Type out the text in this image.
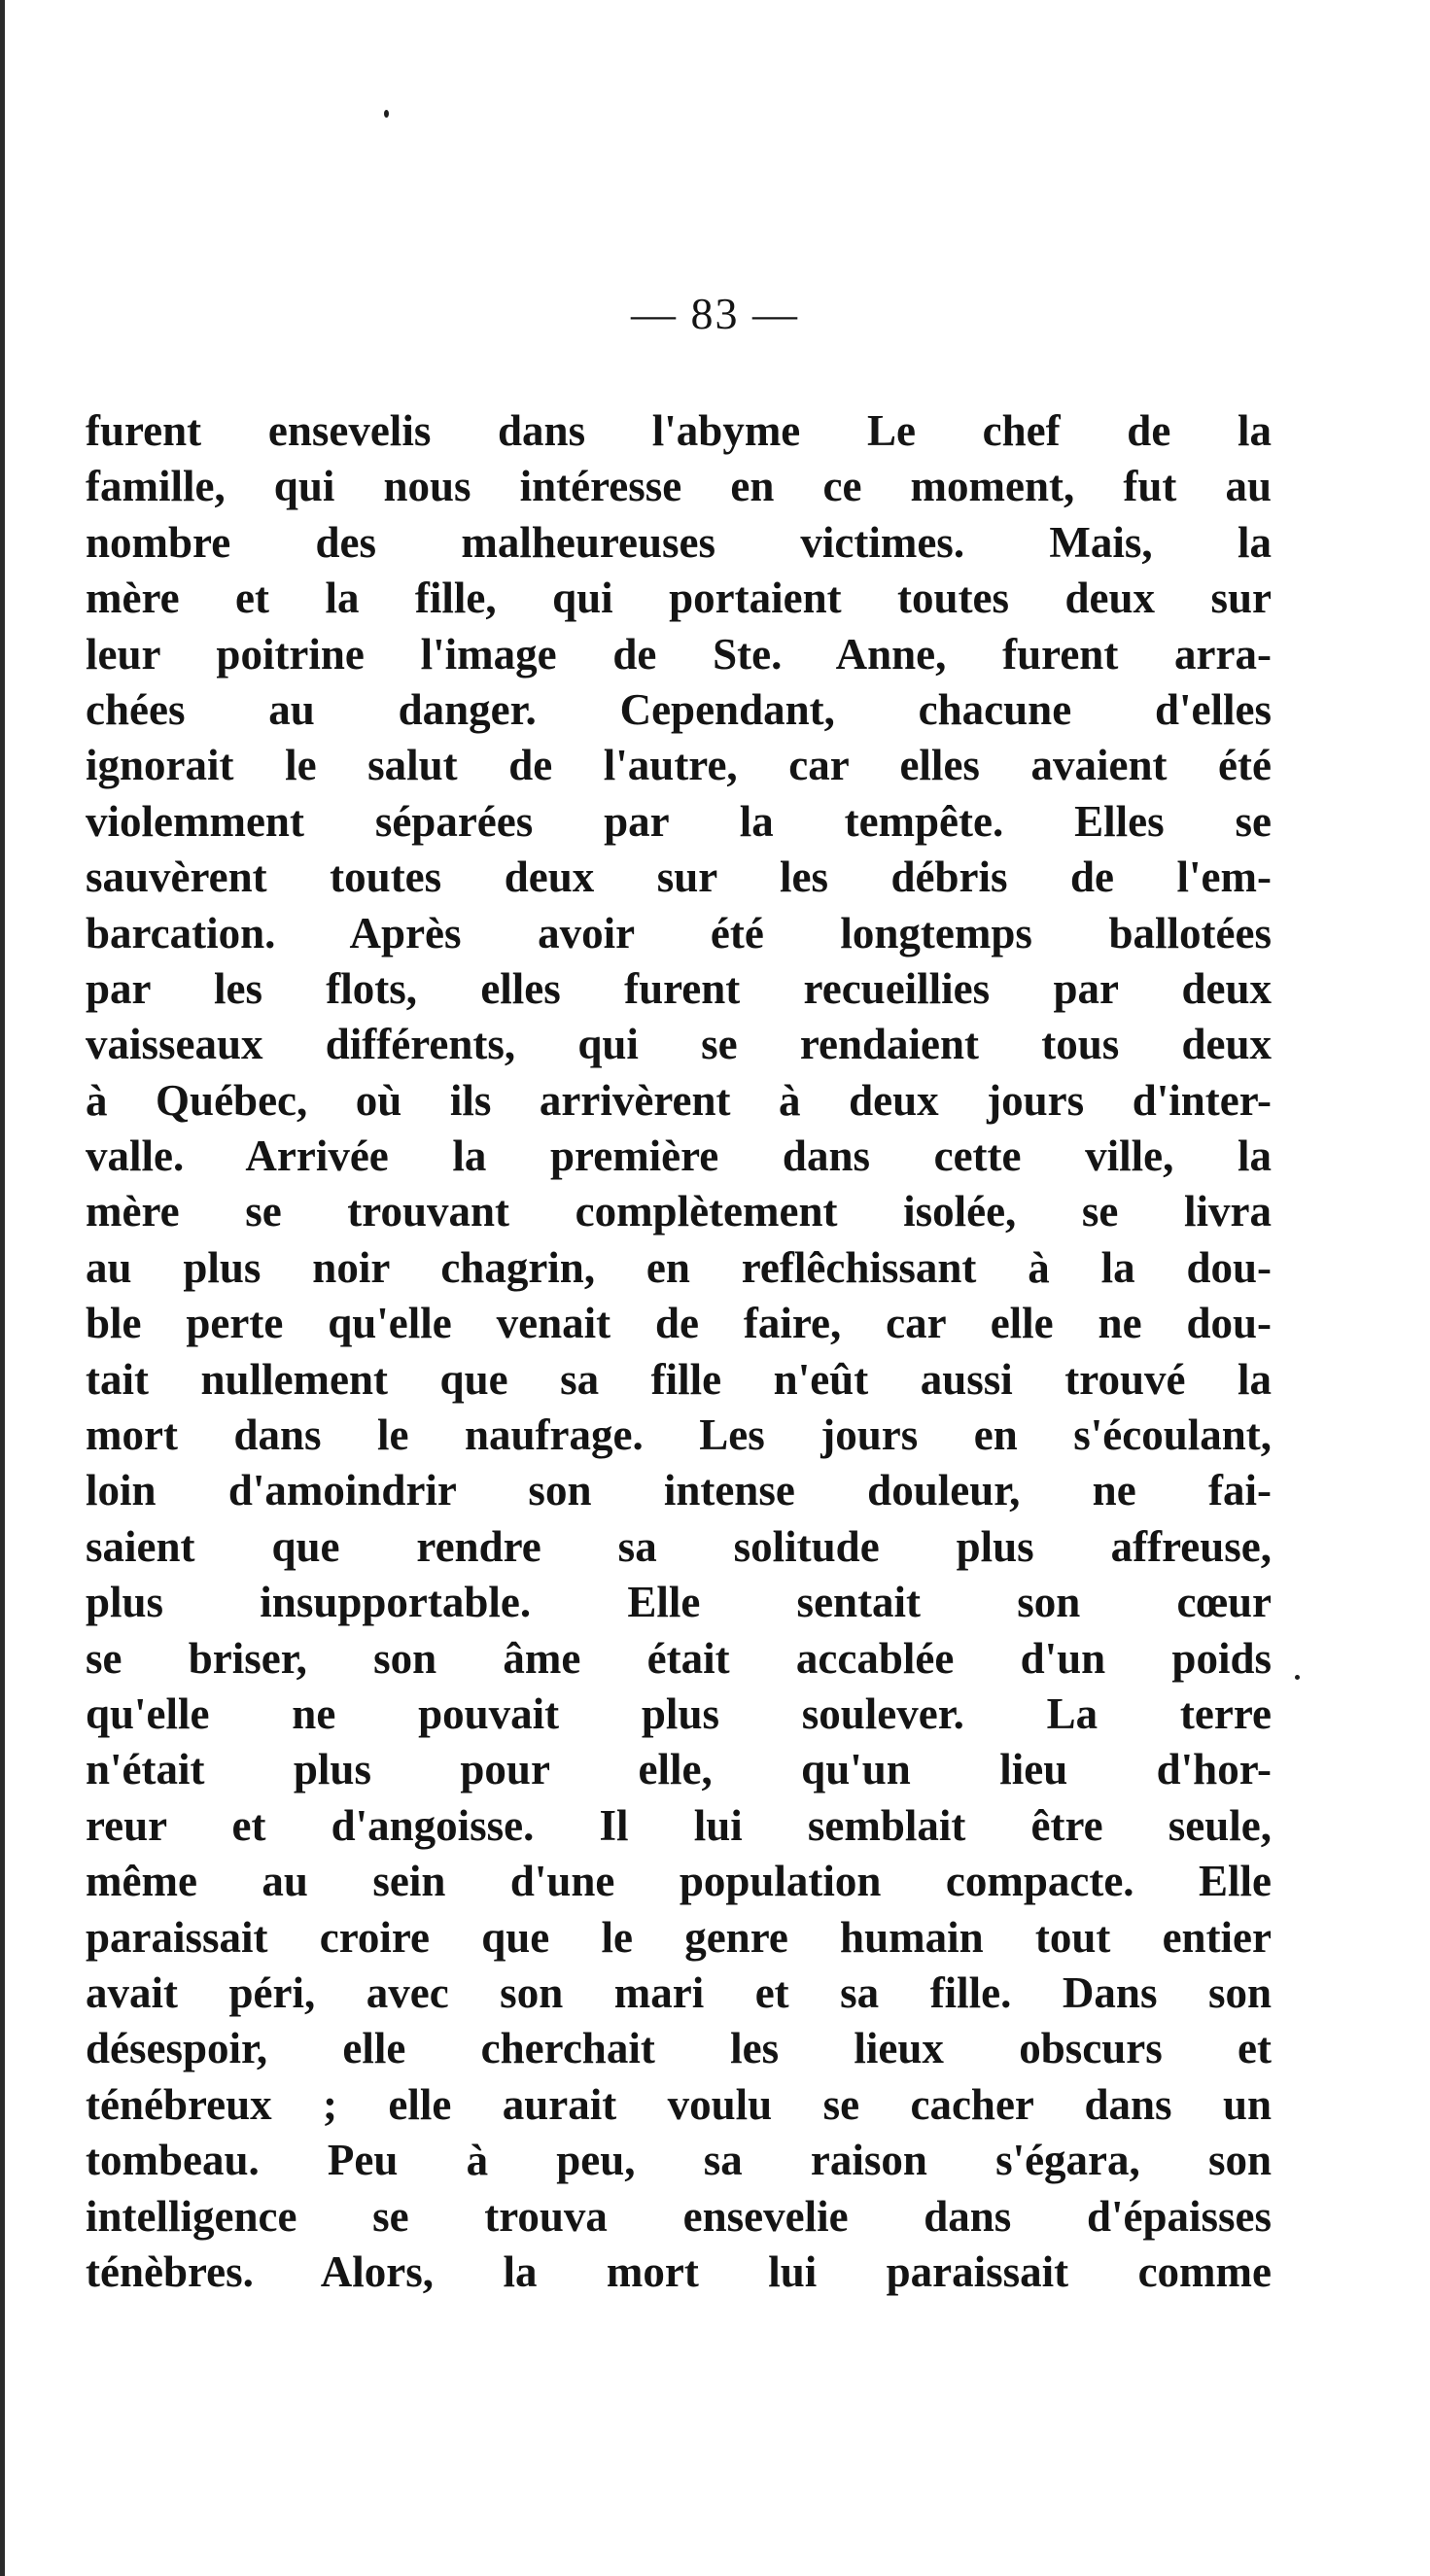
— 83 —

furent ensevelis dans l'abyme Le chef de la
famille, qui nous intéresse en ce moment, fut au
nombre des malheureuses victimes. Mais, la
mère et la fille, qui portaient toutes deux sur
leur poitrine l'image de Ste. Anne, furent arra-
chées au danger. Cependant, chacune d'elles
ignorait le salut de l'autre, car elles avaient été
violemment séparées par la tempête. Elles se
sauvèrent toutes deux sur les débris de l'em-
barcation. Après avoir été longtemps ballotées
par les flots, elles furent recueillies par deux
vaisseaux différents, qui se rendaient tous deux
à Québec, où ils arrivèrent à deux jours d'inter-
valle. Arrivée la première dans cette ville, la
mère se trouvant complètement isolée, se livra
au plus noir chagrin, en reflêchissant à la dou-
ble perte qu'elle venait de faire, car elle ne dou-
tait nullement que sa fille n'eût aussi trouvé la
mort dans le naufrage. Les jours en s'écoulant,
loin d'amoindrir son intense douleur, ne fai-
saient que rendre sa solitude plus affreuse,
plus insupportable. Elle sentait son cœur
se briser, son âme était accablée d'un poids
qu'elle ne pouvait plus soulever. La terre
n'était plus pour elle, qu'un lieu d'hor-
reur et d'angoisse. Il lui semblait être seule,
même au sein d'une population compacte. Elle
paraissait croire que le genre humain tout entier
avait péri, avec son mari et sa fille. Dans son
désespoir, elle cherchait les lieux obscurs et
ténébreux ; elle aurait voulu se cacher dans un
tombeau. Peu à peu, sa raison s'égara, son
intelligence se trouva ensevelie dans d'épaisses
ténèbres. Alors, la mort lui paraissait comme
